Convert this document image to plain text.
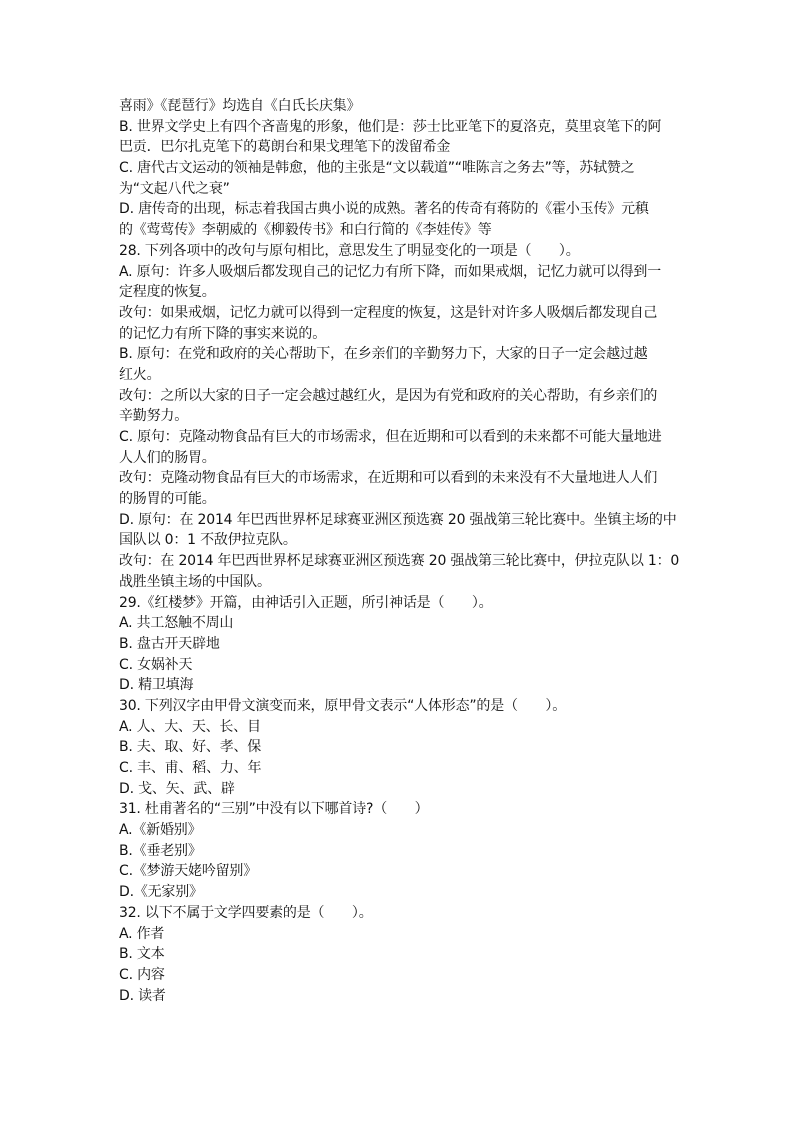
喜雨》《琵琶行》均选自《白氏长庆集》
B. 世界文学史上有四个吝啬鬼的形象，他们是：莎士比亚笔下的夏洛克，莫里哀笔下的阿
巴贡．巴尔扎克笔下的葛朗台和果戈理笔下的泼留希金
C. 唐代古文运动的领袖是韩愈，他的主张是“文以载道”“唯陈言之务去”等，苏轼赞之
为“文起八代之衰”
D. 唐传奇的出现，标志着我国古典小说的成熟。著名的传奇有蒋防的《霍小玉传》元稹
的《莺莺传》李朝威的《柳毅传书》和白行简的《李娃传》等
28. 下列各项中的改句与原句相比，意思发生了明显变化的一项是（　　）。
A. 原句：许多人吸烟后都发现自己的记忆力有所下降，而如果戒烟，记忆力就可以得到一
定程度的恢复。
改句：如果戒烟，记忆力就可以得到一定程度的恢复，这是针对许多人吸烟后都发现自己
的记忆力有所下降的事实来说的。
B. 原句：在党和政府的关心帮助下，在乡亲们的辛勤努力下，大家的日子一定会越过越
红火。
改句：之所以大家的日子一定会越过越红火，是因为有党和政府的关心帮助，有乡亲们的
辛勤努力。
C. 原句：克隆动物食品有巨大的市场需求，但在近期和可以看到的未来都不可能大量地进
人人们的肠胃。
改句：克隆动物食品有巨大的市场需求，在近期和可以看到的未来没有不大量地进人人们
的肠胃的可能。
D. 原句：在 2014 年巴西世界杯足球赛亚洲区预选赛 20 强战第三轮比赛中。坐镇主场的中
国队以 0：1 不敌伊拉克队。
改句：在 2014 年巴西世界杯足球赛亚洲区预选赛 20 强战第三轮比赛中，伊拉克队以 1：0
战胜坐镇主场的中国队。
29.《红楼梦》开篇，由神话引入正题，所引神话是（　　）。
A. 共工怒触不周山
B. 盘古开天辟地
C. 女娲补天
D. 精卫填海
30. 下列汉字由甲骨文演变而来，原甲骨文表示“人体形态”的是（　　）。
A. 人、大、天、长、目
B. 夫、取、好、孝、保
C. 丰、甫、稻、力、年
D. 戈、矢、武、辟
31. 杜甫著名的“三别”中没有以下哪首诗?（　　）
A.《新婚别》
B.《垂老别》
C.《梦游天姥吟留别》
D.《无家别》
32. 以下不属于文学四要素的是（　　）。
A. 作者
B. 文本
C. 内容
D. 读者
